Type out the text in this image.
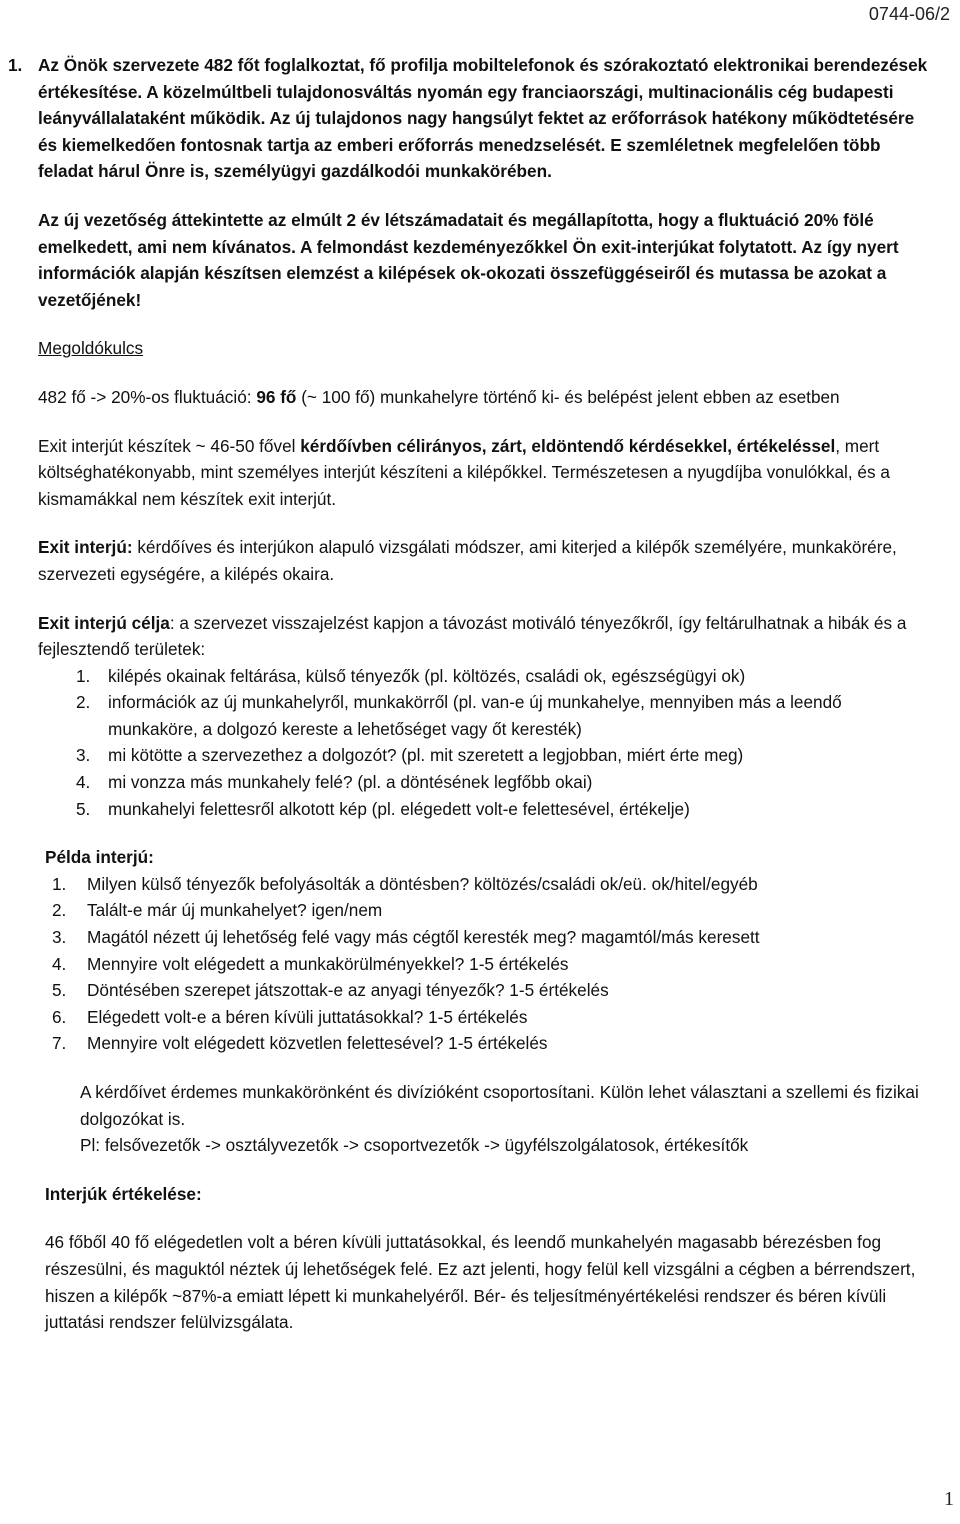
0744-06/2
1. Az Önök szervezete 482 főt foglalkoztat, fő profilja mobiltelefonok és szórakoztató elektronikai berendezések értékesítése. A közelmúltbeli tulajdonosváltás nyomán egy franciaországi, multinacionális cég budapesti leányvállalataként működik. Az új tulajdonos nagy hangsúlyt fektet az erőforrások hatékony működtetésére és kiemelkedően fontosnak tartja az emberi erőforrás menedzselését. E szemléletnek megfelelően több feladat hárul Önre is, személyügyi gazdálkodói munkakörében.

Az új vezetőség áttekintette az elmúlt 2 év létszámadatait és megállapította, hogy a fluktuáció 20% fölé emelkedett, ami nem kívánatos. A felmondást kezdeményezőkkel Ön exit-interjúkat folytatott. Az így nyert információk alapján készítsen elemzést a kilépések ok-okozati összefüggéseiről és mutassa be azokat a vezetőjének!

Megoldókulcs

482 fő -> 20%-os fluktuáció: 96 fő (~ 100 fő) munkahelyre történő ki- és belépést jelent ebben az esetben

Exit interjút készítek ~ 46-50 fővel kérdőívben célirányos, zárt, eldöntendő kérdésekkel, értékeléssel, mert költséghatékonyabb, mint személyes interjút készíteni a kilépőkkel. Természetesen a nyugdíjba vonulókkal, és a kismamákkal nem készítek exit interjút.

Exit interjú: kérdőíves és interjúkon alapuló vizsgálati módszer, ami kiterjed a kilépők személyére, munkakörére, szervezeti egységére, a kilépés okaira.

Exit interjú célja: a szervezet visszajelzést kapjon a távozást motiváló tényezőkről, így feltárulhatnak a hibák és a fejlesztendő területek:

1. kilépés okainak feltárása, külső tényezők (pl. költözés, családi ok, egészségügyi ok)
2. információk az új munkahelyről, munkakörről (pl. van-e új munkahelye, mennyiben más a leendő munkaköre, a dolgozó kereste a lehetőséget vagy őt keresték)
3. mi kötötte a szervezethez a dolgozót? (pl. mit szeretett a legjobban, miért érte meg)
4. mi vonzza más munkahely felé? (pl. a döntésének legfőbb okai)
5. munkahelyi felettesről alkotott kép (pl. elégedett volt-e felettesével, értékelje)

Példa interjú:

1. Milyen külső tényezők befolyásolták a döntésben? költözés/családi ok/eü. ok/hitel/egyéb
2. Talált-e már új munkahelyet? igen/nem
3. Magától nézett új lehetőség felé vagy más cégtől keresték meg? magamtól/más keresett
4. Mennyire volt elégedett a munkakörülményekkel? 1-5 értékelés
5. Döntésében szerepet játszottak-e az anyagi tényezők? 1-5 értékelés
6. Elégedett volt-e a béren kívüli juttatásokkal? 1-5 értékelés
7. Mennyire volt elégedett közvetlen felettesével? 1-5 értékelés

A kérdőívet érdemes munkakörönként és divízióként csoportosítani. Külön lehet választani a szellemi és fizikai dolgozókat is.

Pl: felsővezetők -> osztályvezetők -> csoportvezetők -> ügyfélszolgálatosok, értékesítők

Interjúk értékelése:

46 főből 40 fő elégedetlen volt a béren kívüli juttatásokkal, és leendő munkahelyén magasabb bérezésben fog részesülni, és maguktól néztek új lehetőségek felé. Ez azt jelenti, hogy felül kell vizsgálni a cégben a bérrendszert, hiszen a kilépők ~87%-a emiatt lépett ki munkahelyéről. Bér- és teljesítményértékelési rendszer és béren kívüli juttatási rendszer felülvizsgálata.

1
